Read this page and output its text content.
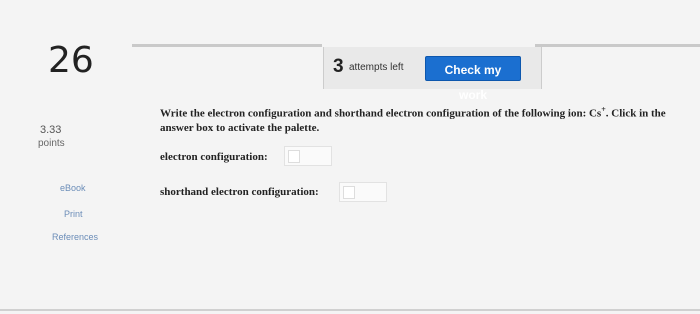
26
3.33
points
eBook
Print
References
3 attempts left	Check my work
Write the electron configuration and shorthand electron configuration of the following ion: Cs+. Click in the answer box to activate the palette.
electron configuration:
shorthand electron configuration:
